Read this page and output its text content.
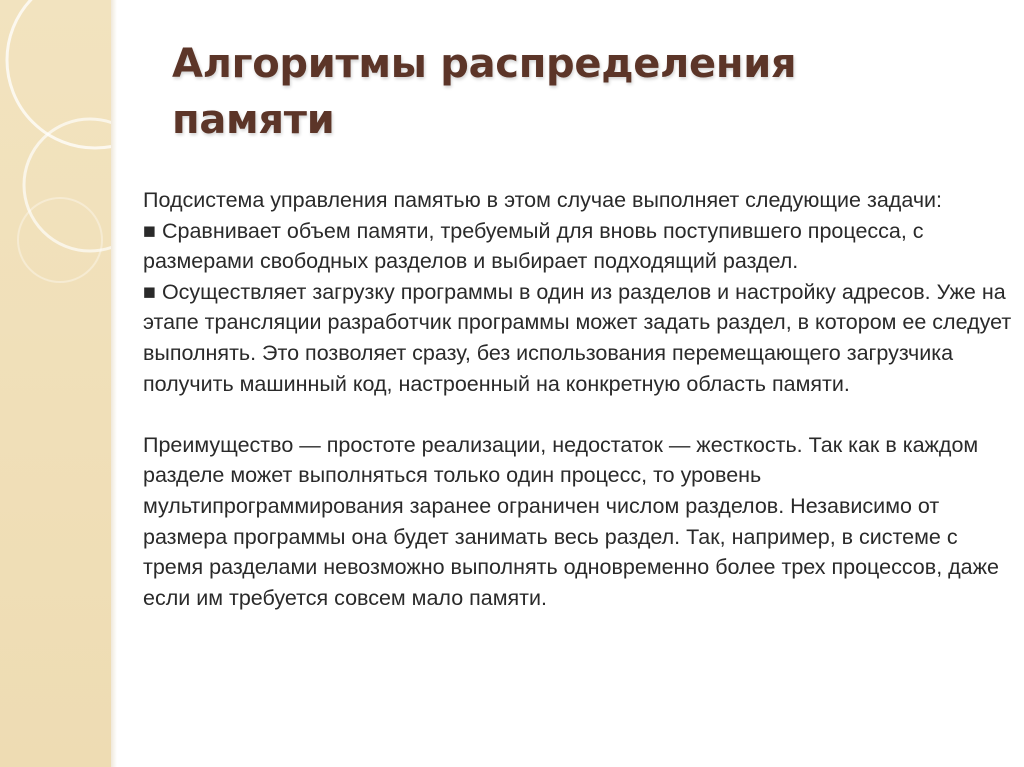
Алгоритмы распределения
памяти

Подсистема управления памятью в этом случае выполняет следующие задачи:

■ Сравнивает объем памяти, требуемый для вновь поступившего процесса, с размерами свободных разделов и выбирает подходящий раздел.

■ Осуществляет загрузку программы в один из разделов и настройку адресов. Уже на этапе трансляции разработчик программы может задать раздел, в котором ее следует выполнять. Это позволяет сразу, без использования перемещающего загрузчика получить машинный код, настроенный на конкретную область памяти.

Преимущество — простоте реализации, недостаток — жесткость. Так как в каждом разделе может выполняться только один процесс, то уровень мультипрограммирования заранее ограничен числом разделов. Независимо от размера программы она будет занимать весь раздел. Так, например, в системе с тремя разделами невозможно выполнять одновременно более трех процессов, даже если им требуется совсем мало памяти.
